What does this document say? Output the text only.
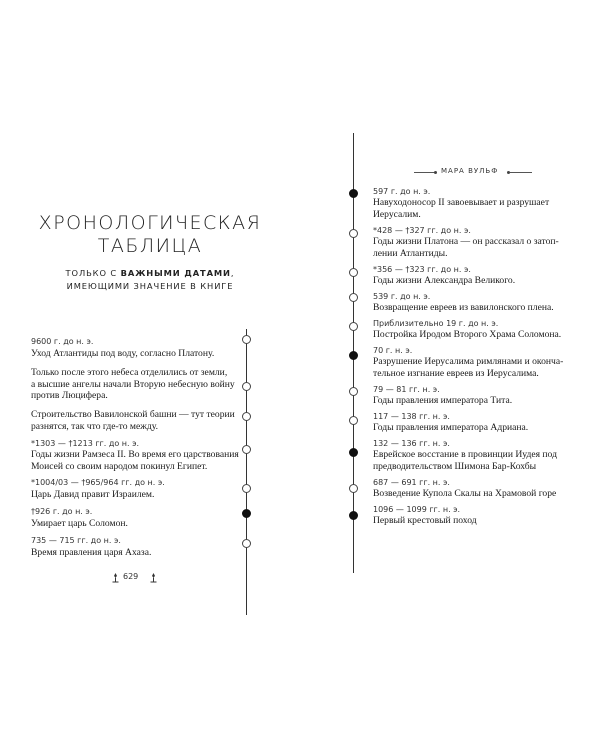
ХРОНОЛОГИЧЕСКАЯ
ТАБЛИЦА
ТОЛЬКО С ВАЖНЫМИ ДАТАМИ,
ИМЕЮЩИМИ ЗНАЧЕНИЕ В КНИГЕ
9600 г. до н. э.
Уход Атлантиды под воду, согласно Платону.
Только после этого небеса отделились от земли,
а высшие ангелы начали Вторую небесную войну
против Люцифера.
Строительство Вавилонской башни — тут теории
разнятся, так что где-то между.
*1303 — †1213 гг. до н. э.
Годы жизни Рамзеса II. Во время его царствования
Моисей со своим народом покинул Египет.
*1004/03 — †965/964 гг. до н. э.
Царь Давид правит Израилем.
†926 г. до н. э.
Умирает царь Соломон.
735 — 715 гг. до н. э.
Время правления царя Ахаза.
629
МАРА ВУЛЬФ
597 г. до н. э.
Навуходоносор II завоевывает и разрушает
Иерусалим.
*428 — †327 гг. до н. э.
Годы жизни Платона — он рассказал о затоп-
лении Атлантиды.
*356 — †323 гг. до н. э.
Годы жизни Александра Великого.
539 г. до н. э.
Возвращение евреев из вавилонского плена.
Приблизительно 19 г. до н. э.
Постройка Иродом Второго Храма Соломона.
70 г. н. э.
Разрушение Иерусалима римлянами и оконча-
тельное изгнание евреев из Иерусалима.
79 — 81 гг. н. э.
Годы правления императора Тита.
117 — 138 гг. н. э.
Годы правления императора Адриана.
132 — 136 гг. н. э.
Еврейское восстание в провинции Иудея под
предводительством Шимона Бар-Кохбы
687 — 691 гг. н. э.
Возведение Купола Скалы на Храмовой горе
1096 — 1099 гг. н. э.
Первый крестовый поход
